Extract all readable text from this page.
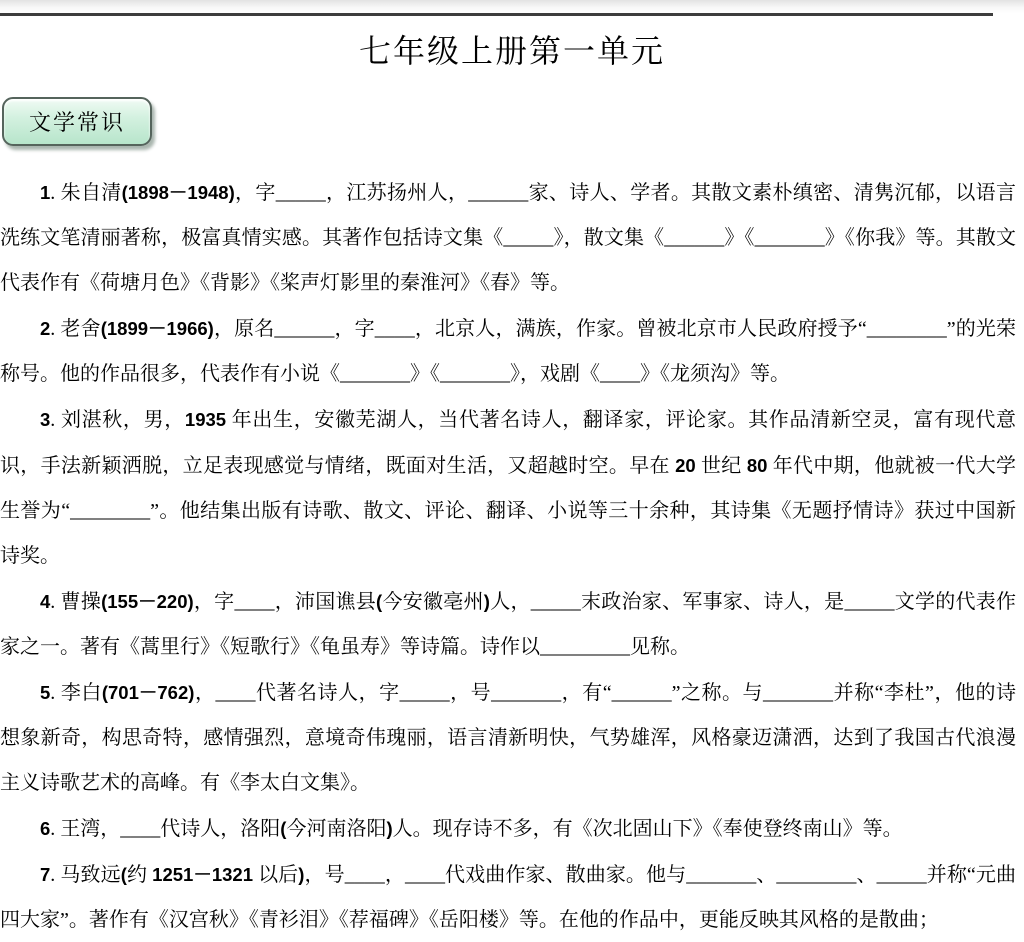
七年级上册第一单元
文学常识

1. 朱自清(1898－1948)，字_____，江苏扬州人，______家、诗人、学者。其散文素朴缜密、清隽沉郁，以语言洗练文笔清丽著称，极富真情实感。其著作包括诗文集《_____》，散文集《______》《_______》《你我》等。其散文代表作有《荷塘月色》《背影》《桨声灯影里的秦淮河》《春》等。

2. 老舍(1899－1966)，原名______，字____，北京人，满族，作家。曾被北京市人民政府授予“________”的光荣称号。他的作品很多，代表作有小说《_______》《_______》，戏剧《____》《龙须沟》等。

3. 刘湛秋，男，1935 年出生，安徽芜湖人，当代著名诗人，翻译家，评论家。其作品清新空灵，富有现代意识，手法新颖洒脱，立足表现感觉与情绪，既面对生活，又超越时空。早在 20 世纪 80 年代中期，他就被一代大学生誉为“________”。他结集出版有诗歌、散文、评论、翻译、小说等三十余种，其诗集《无题抒情诗》获过中国新诗奖。

4. 曹操(155－220)，字____，沛国谯县(今安徽亳州)人，_____末政治家、军事家、诗人，是_____文学的代表作家之一。著有《蒿里行》《短歌行》《龟虽寿》等诗篇。诗作以_________见称。

5. 李白(701－762)，____代著名诗人，字_____，号_______，有“______”之称。与_______并称“李杜”，他的诗想象新奇，构思奇特，感情强烈，意境奇伟瑰丽，语言清新明快，气势雄浑，风格豪迈潇洒，达到了我国古代浪漫主义诗歌艺术的高峰。有《李太白文集》。

6. 王湾，____代诗人，洛阳(今河南洛阳)人。现存诗不多，有《次北固山下》《奉使登终南山》等。

7. 马致远(约 1251－1321 以后)，号____，____代戏曲作家、散曲家。他与_______、________、_____并称“元曲四大家”。著作有《汉宫秋》《青衫泪》《荐福碑》《岳阳楼》等。在他的作品中，更能反映其风格的是散曲；
